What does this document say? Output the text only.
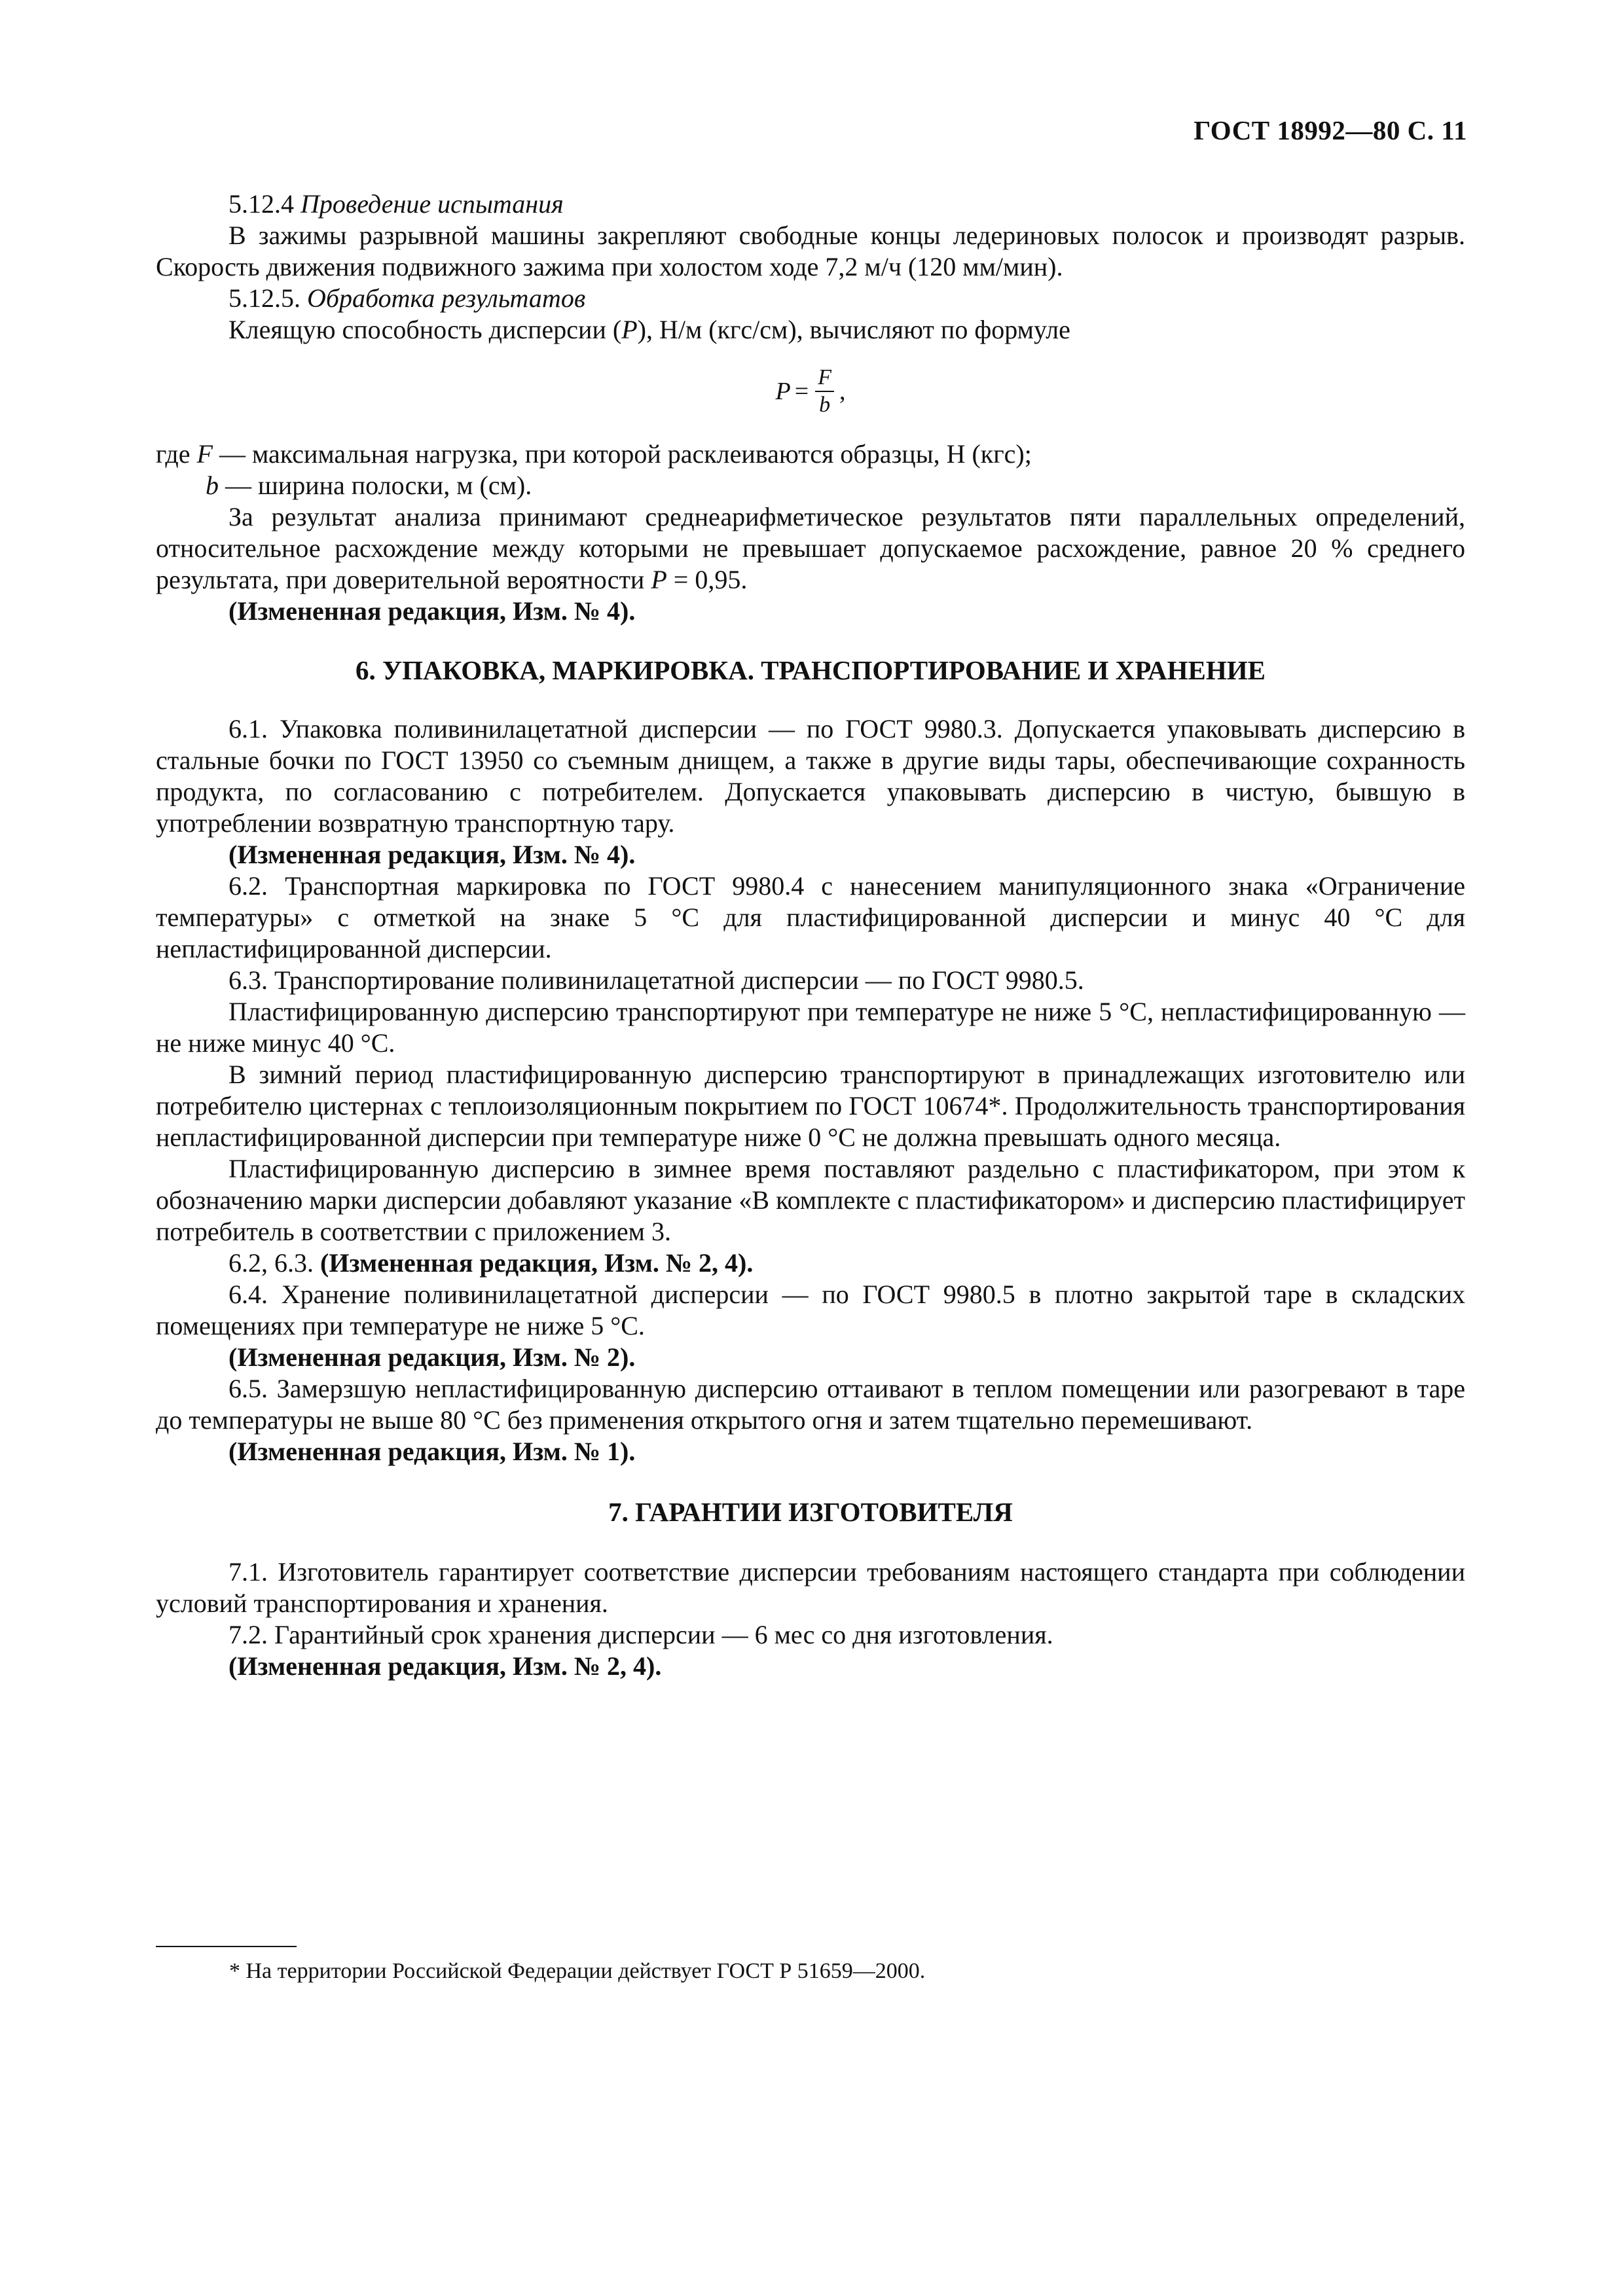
ГОСТ 18992—80 С. 11

5.12.4 Проведение испытания

В зажимы разрывной машины закрепляют свободные концы ледериновых полосок и производят разрыв. Скорость движения подвижного зажима при холостом ходе 7,2 м/ч (120 мм/мин).

5.12.5. Обработка результатов

Клеящую способность дисперсии (P), Н/м (кгс/см), вычисляют по формуле

$P = \frac{F}{b}$ ,

где F — максимальная нагрузка, при которой расклеиваются образцы, Н (кгс);

b — ширина полоски, м (см).

За результат анализа принимают среднеарифметическое результатов пяти параллельных определений, относительное расхождение между которыми не превышает допускаемое расхождение, равное 20 % среднего результата, при доверительной вероятности P = 0,95.

(Измененная редакция, Изм. № 4).

6. УПАКОВКА, МАРКИРОВКА. ТРАНСПОРТИРОВАНИЕ И ХРАНЕНИЕ

6.1. Упаковка поливинилацетатной дисперсии — по ГОСТ 9980.3. Допускается упаковывать дисперсию в стальные бочки по ГОСТ 13950 со съемным днищем, а также в другие виды тары, обеспечивающие сохранность продукта, по согласованию с потребителем. Допускается упаковывать дисперсию в чистую, бывшую в употреблении возвратную транспортную тару.

(Измененная редакция, Изм. № 4).

6.2. Транспортная маркировка по ГОСТ 9980.4 с нанесением манипуляционного знака «Ограничение температуры» с отметкой на знаке 5 °С для пластифицированной дисперсии и минус 40 °С для непластифицированной дисперсии.

6.3. Транспортирование поливинилацетатной дисперсии — по ГОСТ 9980.5.

Пластифицированную дисперсию транспортируют при температуре не ниже 5 °С, непластифицированную — не ниже минус 40 °С.

В зимний период пластифицированную дисперсию транспортируют в принадлежащих изготовителю или потребителю цистернах с теплоизоляционным покрытием по ГОСТ 10674*. Продолжительность транспортирования непластифицированной дисперсии при температуре ниже 0 °С не должна превышать одного месяца.

Пластифицированную дисперсию в зимнее время поставляют раздельно с пластификатором, при этом к обозначению марки дисперсии добавляют указание «В комплекте с пластификатором» и дисперсию пластифицирует потребитель в соответствии с приложением 3.

6.2, 6.3. (Измененная редакция, Изм. № 2, 4).

6.4. Хранение поливинилацетатной дисперсии — по ГОСТ 9980.5 в плотно закрытой таре в складских помещениях при температуре не ниже 5 °С.

(Измененная редакция, Изм. № 2).

6.5. Замерзшую непластифицированную дисперсию оттаивают в теплом помещении или разогревают в таре до температуры не выше 80 °С без применения открытого огня и затем тщательно перемешивают.

(Измененная редакция, Изм. № 1).

7. ГАРАНТИИ ИЗГОТОВИТЕЛЯ

7.1. Изготовитель гарантирует соответствие дисперсии требованиям настоящего стандарта при соблюдении условий транспортирования и хранения.

7.2. Гарантийный срок хранения дисперсии — 6 мес со дня изготовления.

(Измененная редакция, Изм. № 2, 4).

* На территории Российской Федерации действует ГОСТ Р 51659—2000.
